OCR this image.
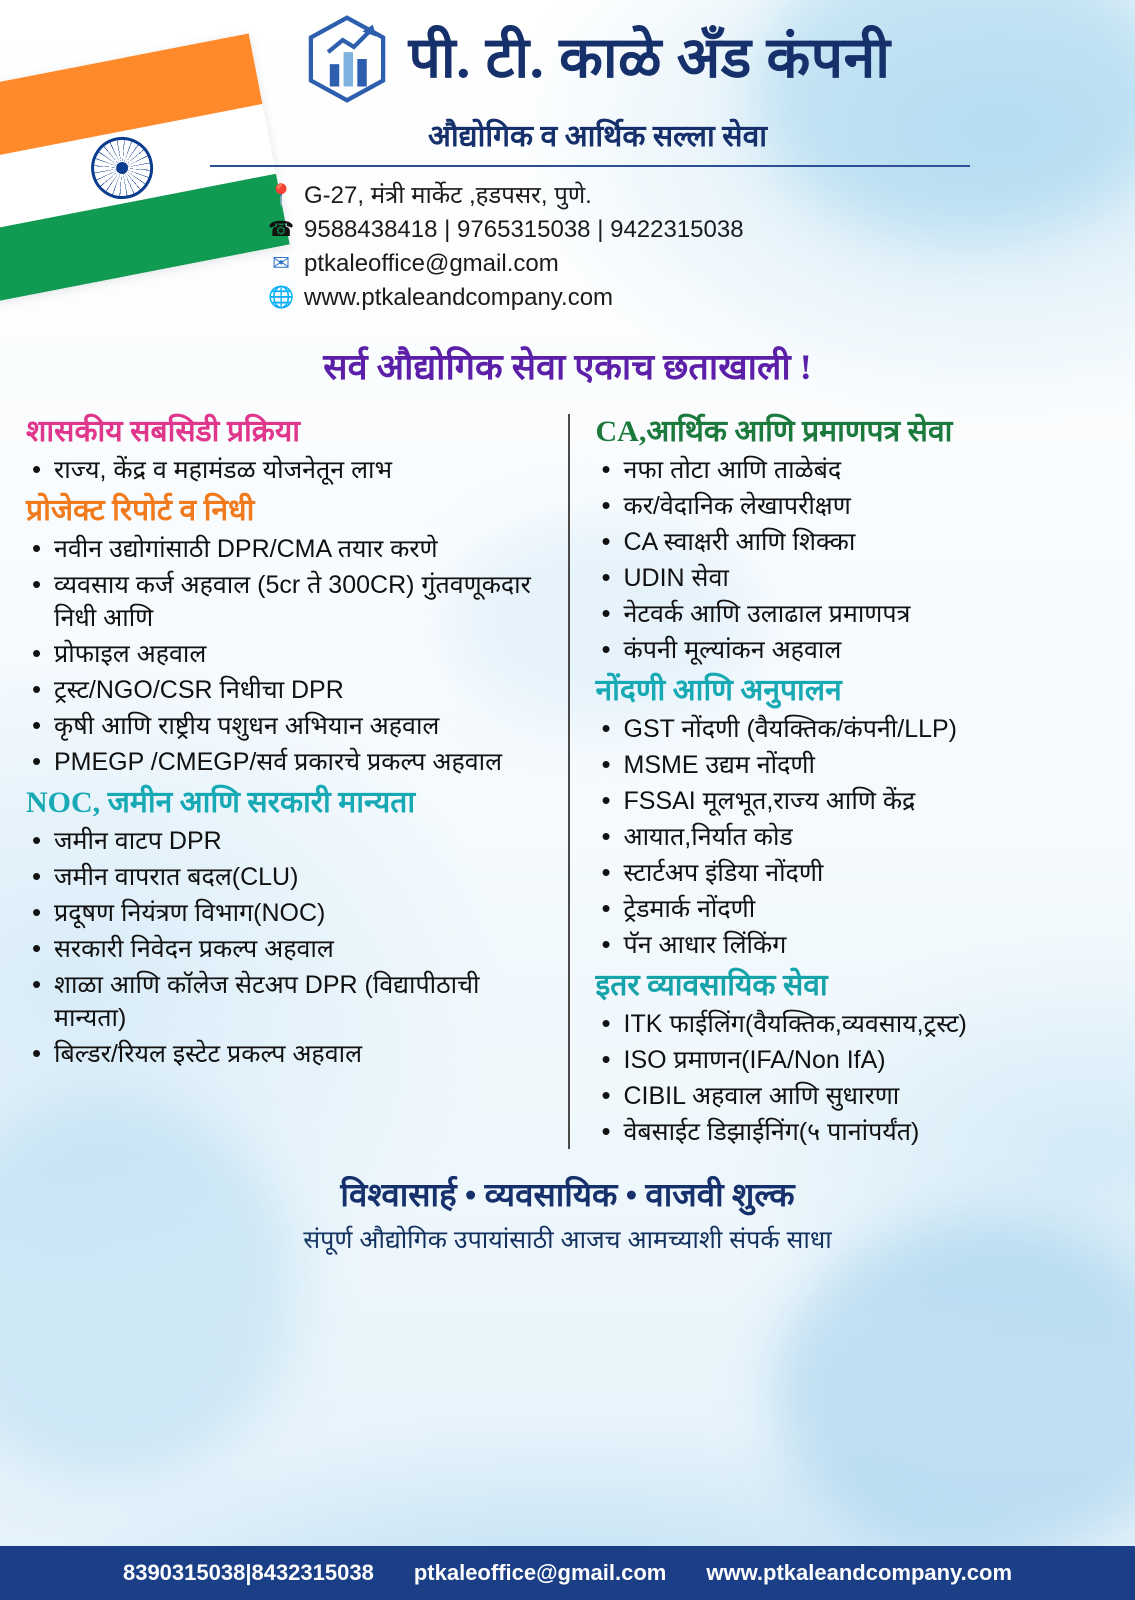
पी. टी. काळे अँड कंपनी
औद्योगिक व आर्थिक सल्ला सेवा
📍 G-27, मंत्री मार्केट ,हडपसर, पुणे.
☎ 9588438418 | 9765315038 | 9422315038
✉ ptkaleoffice@gmail.com
🌐 www.ptkaleandcompany.com
सर्व औद्योगिक सेवा एकाच छताखाली !
शासकीय सबसिडी प्रक्रिया
• राज्य, केंद्र व महामंडळ योजनेतून लाभ
प्रोजेक्ट रिपोर्ट व निधी
• नवीन उद्योगांसाठी DPR/CMA तयार करणे
• व्यवसाय कर्ज अहवाल (5cr ते 300CR) गुंतवणूकदार निधी आणि
• प्रोफाइल अहवाल
• ट्रस्ट/NGO/CSR निधीचा DPR
• कृषी आणि राष्ट्रीय पशुधन अभियान अहवाल
• PMEGP /CMEGP/सर्व प्रकारचे प्रकल्प अहवाल
NOC, जमीन आणि सरकारी मान्यता
• जमीन वाटप DPR
• जमीन वापरात बदल(CLU)
• प्रदूषण नियंत्रण विभाग(NOC)
• सरकारी निवेदन प्रकल्प अहवाल
• शाळा आणि कॉलेज सेटअप DPR (विद्यापीठाची मान्यता)
• बिल्डर/रियल इस्टेट प्रकल्प अहवाल
CA,आर्थिक आणि प्रमाणपत्र सेवा
• नफा तोटा आणि ताळेबंद
• कर/वेदानिक लेखापरीक्षण
• CA स्वाक्षरी आणि शिक्का
• UDIN सेवा
• नेटवर्क आणि उलाढाल प्रमाणपत्र
• कंपनी मूल्यांकन अहवाल
नोंदणी आणि अनुपालन
• GST नोंदणी (वैयक्तिक/कंपनी/LLP)
• MSME उद्यम नोंदणी
• FSSAI मूलभूत,राज्य आणि केंद्र
• आयात,निर्यात कोड
• स्टार्टअप इंडिया नोंदणी
• ट्रेडमार्क नोंदणी
• पॅन आधार लिंकिंग
इतर व्यावसायिक सेवा
• ITK फाईलिंग(वैयक्तिक,व्यवसाय,ट्रस्ट)
• ISO प्रमाणन(IFA/Non IfA)
• CIBIL अहवाल आणि सुधारणा
• वेबसाईट डिझाईनिंग(५ पानांपर्यंत)
विश्वासार्ह • व्यवसायिक • वाजवी शुल्क
संपूर्ण औद्योगिक उपायांसाठी आजच आमच्याशी संपर्क साधा
8390315038|8432315038 ptkaleoffice@gmail.com www.ptkaleandcompany.com
